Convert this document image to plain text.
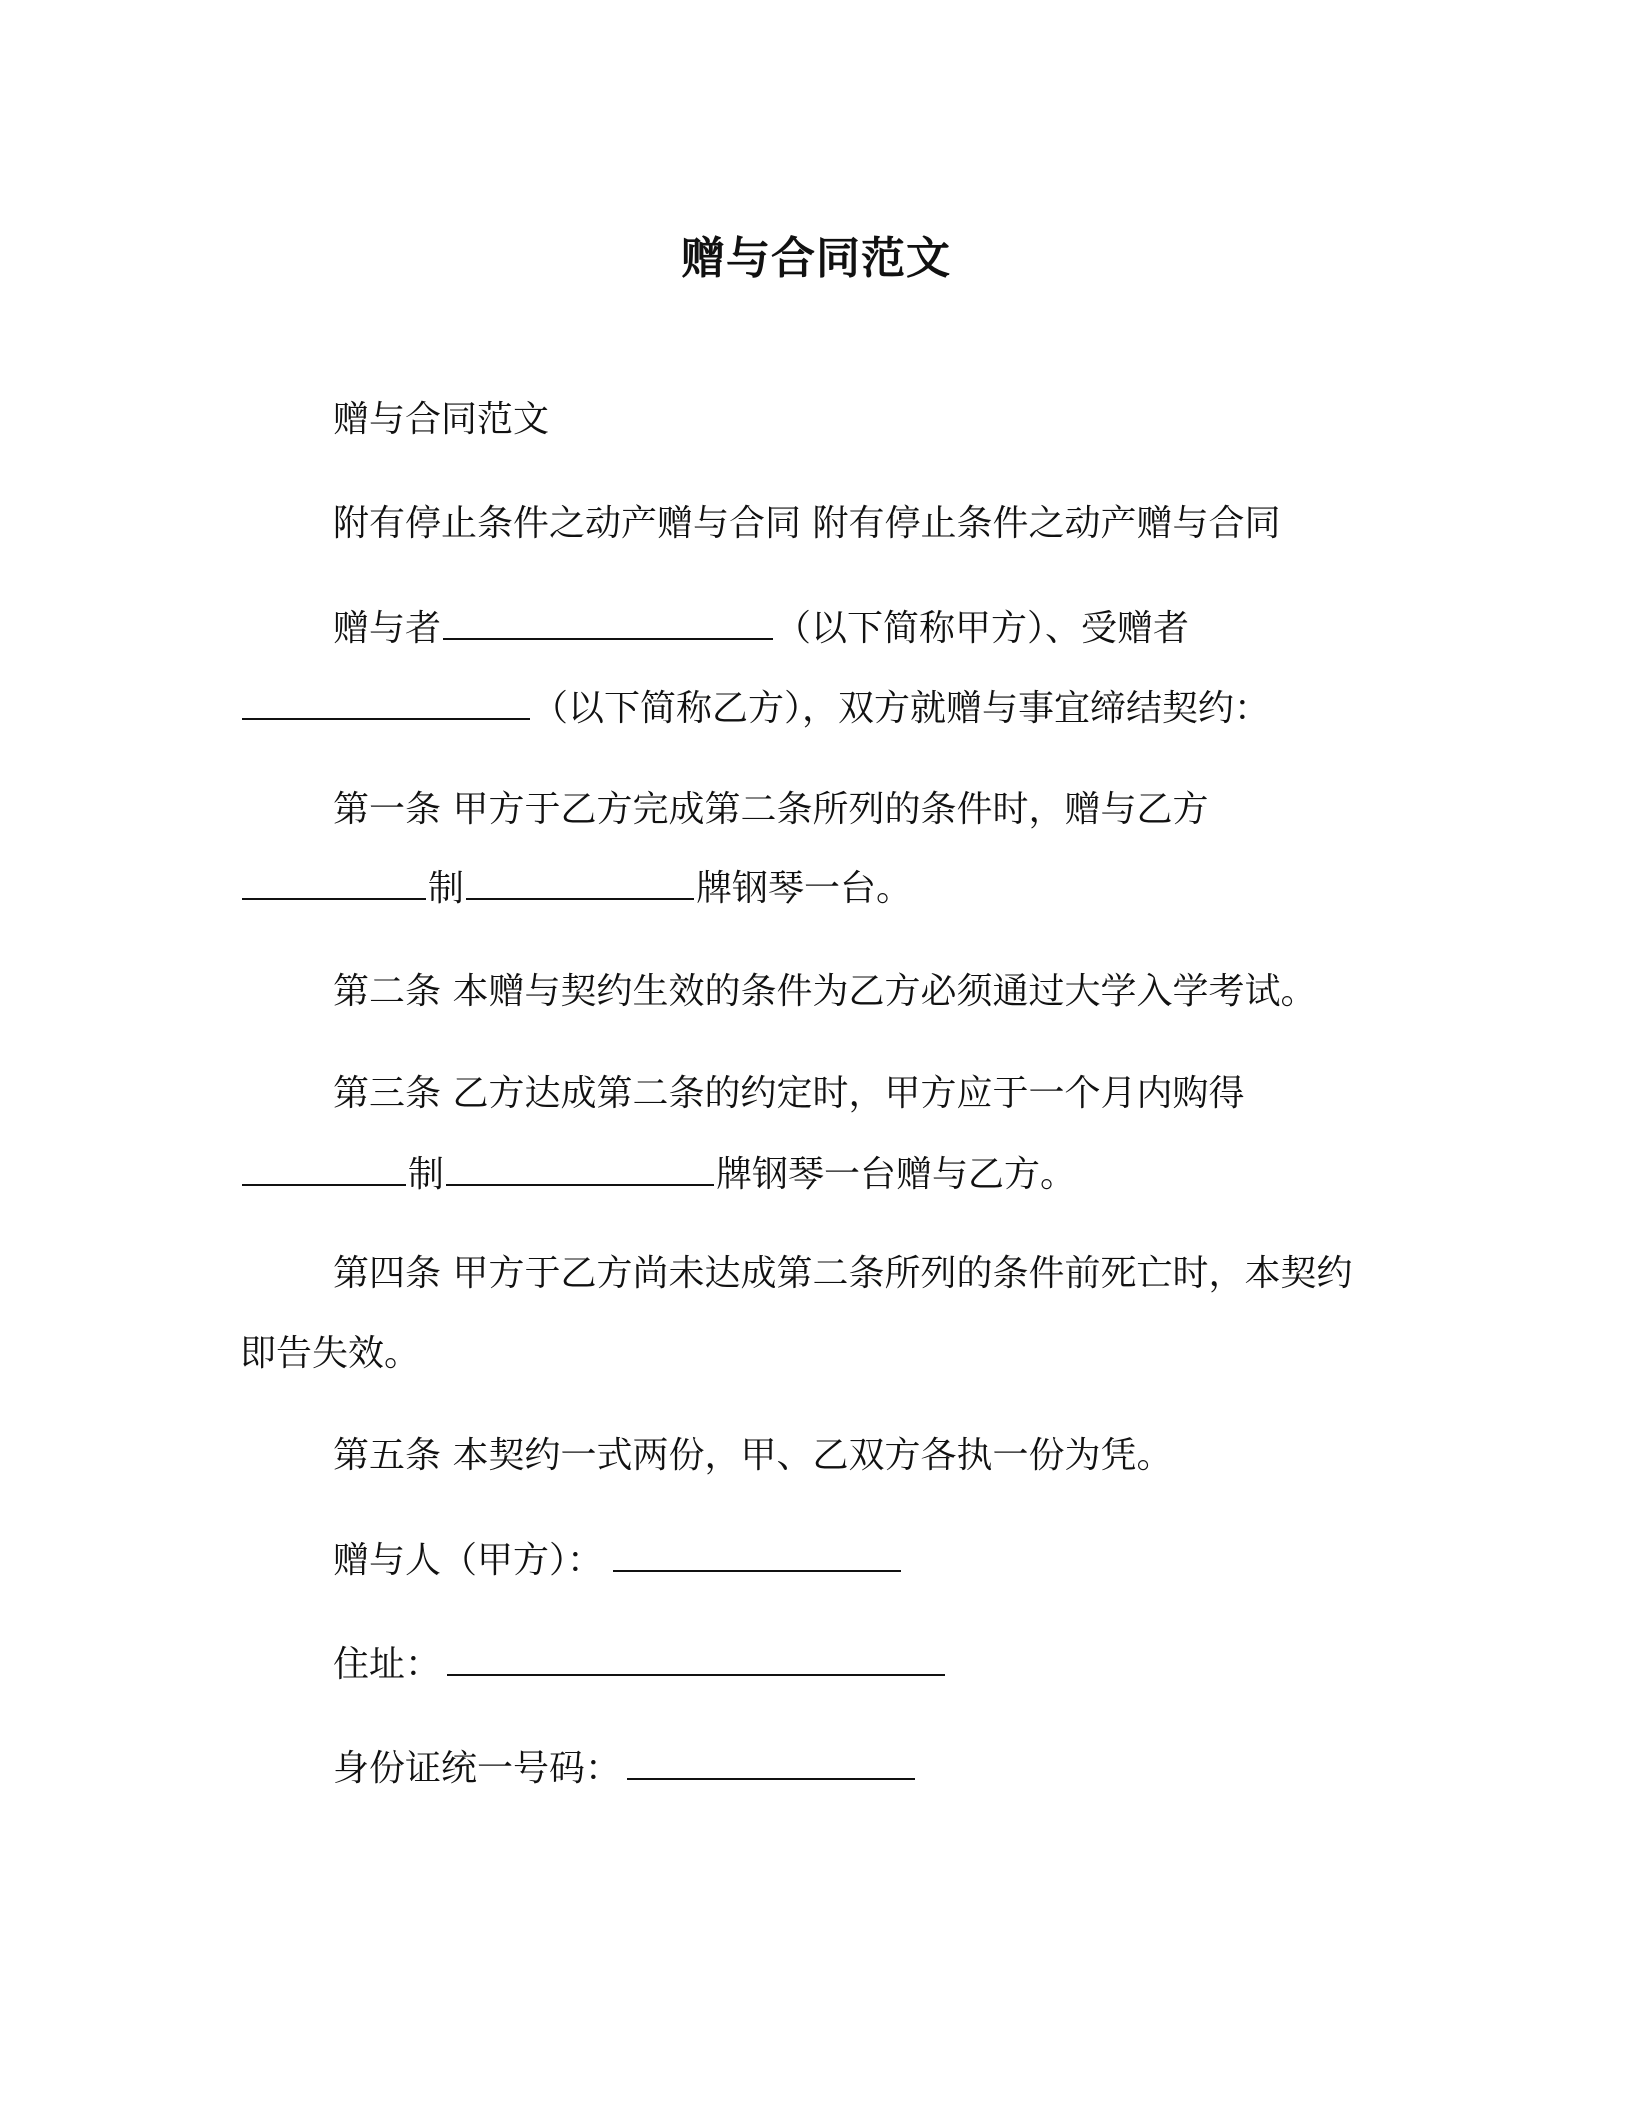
赠与合同范文
赠与合同范文
附有停止条件之动产赠与合同 附有停止条件之动产赠与合同
赠与者	（以下简称甲方）、受赠者
（以下简称乙方），双方就赠与事宜缔结契约：
第一条 甲方于乙方完成第二条所列的条件时，赠与乙方
制	牌钢琴一台。
第二条 本赠与契约生效的条件为乙方必须通过大学入学考试。
第三条 乙方达成第二条的约定时，甲方应于一个月内购得
制	牌钢琴一台赠与乙方。
第四条 甲方于乙方尚未达成第二条所列的条件前死亡时，本契约
即告失效。
第五条 本契约一式两份，甲、乙双方各执一份为凭。
赠与人（甲方）：
住址：
身份证统一号码：
